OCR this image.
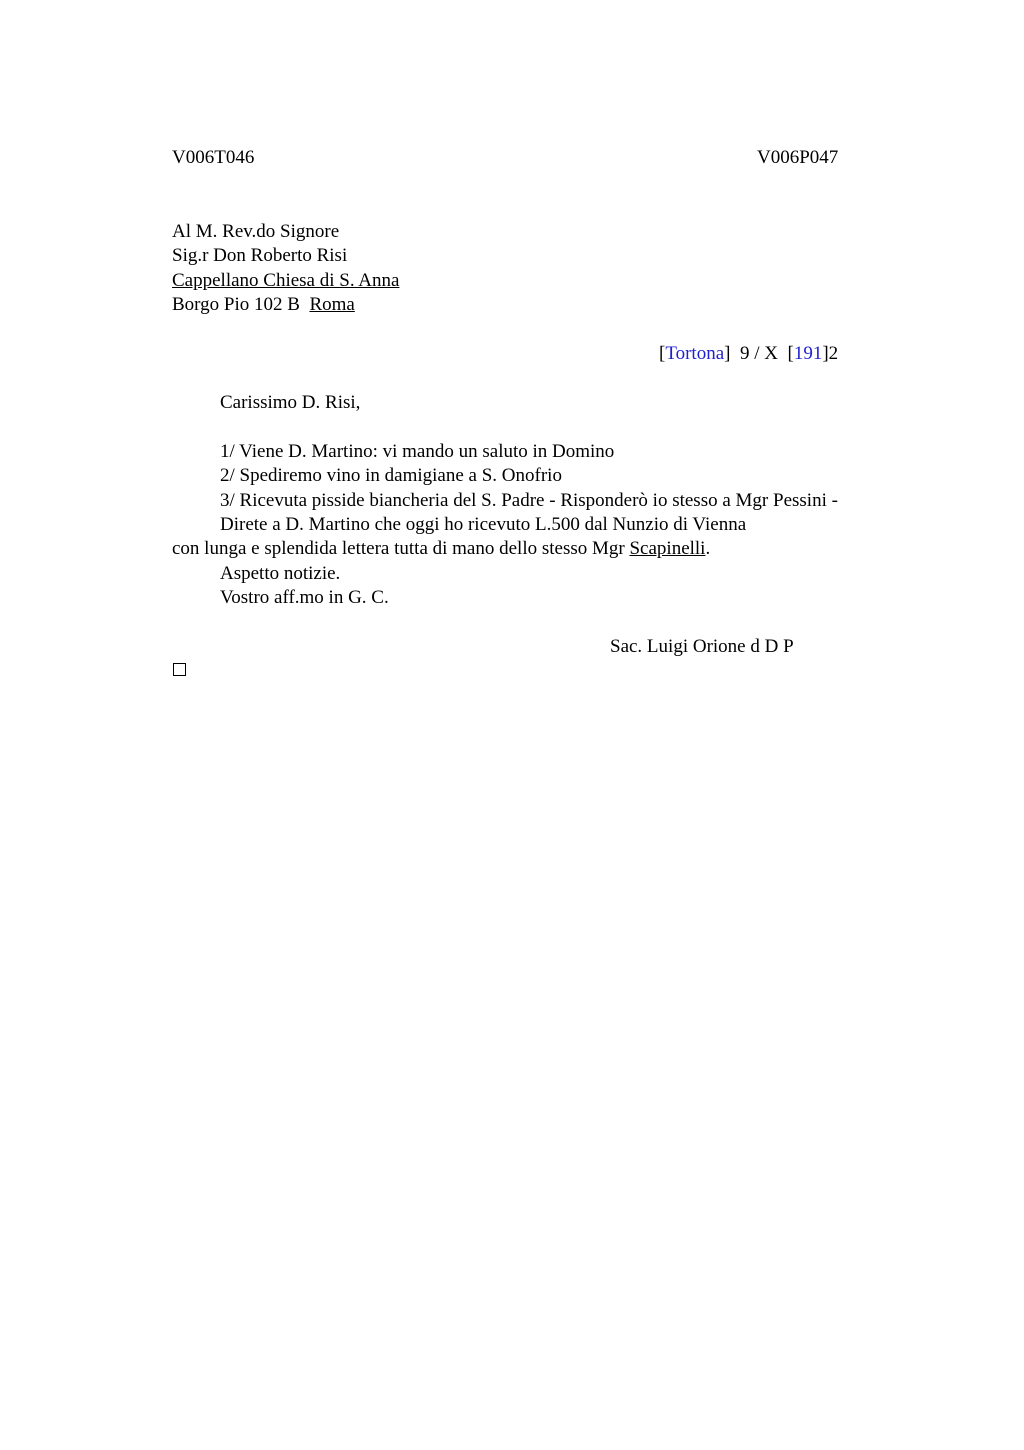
V006T046	V006P047
Al M. Rev.do Signore
Sig.r Don Roberto Risi
Cappellano Chiesa di S. Anna
Borgo Pio 102 B Roma
[Tortona] 9 / X [191]2
Carissimo D. Risi,
1/ Viene D. Martino: vi mando un saluto in Domino
2/ Spediremo vino in damigiane a S. Onofrio
3/ Ricevuta pisside biancheria del S. Padre - Risponderò io stesso a Mgr Pessini -
Direte a D. Martino che oggi ho ricevuto L.500 dal Nunzio di Vienna
con lunga e splendida lettera tutta di mano dello stesso Mgr Scapinelli.
Aspetto notizie.
Vostro aff.mo in G. C.
Sac. Luigi Orione d D P
